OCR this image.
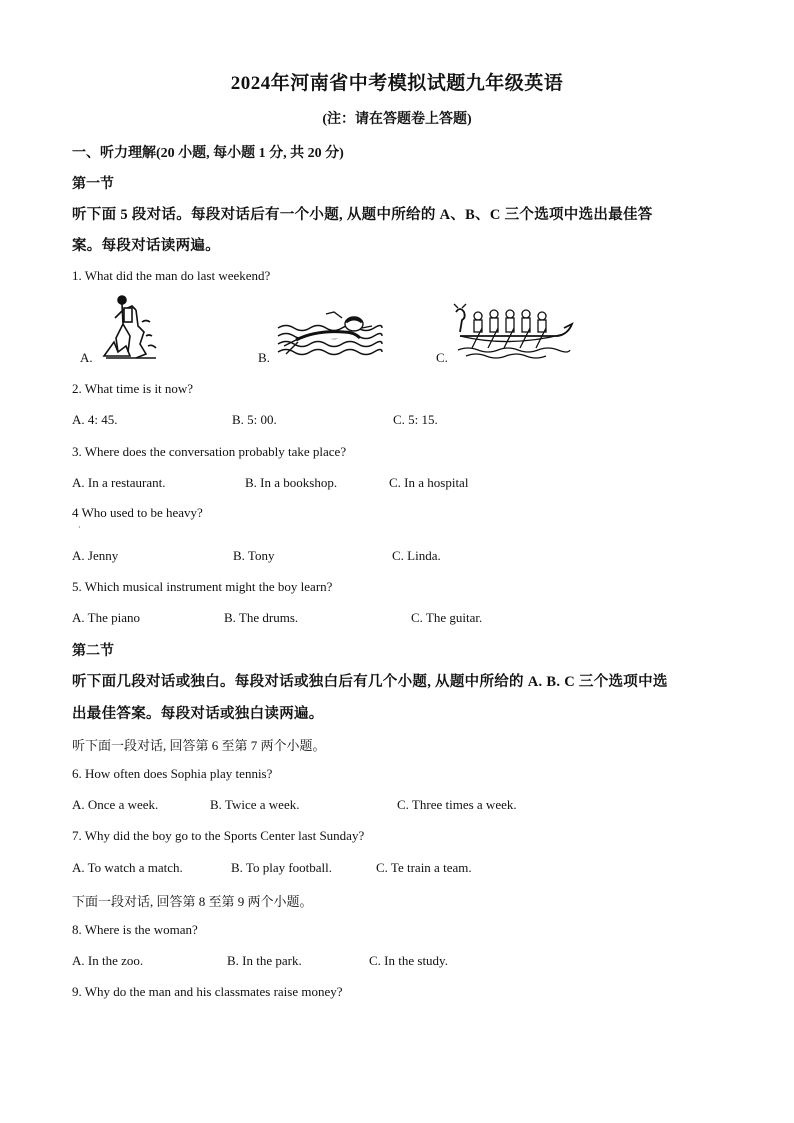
2024年河南省中考模拟试题九年级英语
(注：请在答题卷上答题)
一、听力理解(20 小题, 每小题 1 分, 共 20 分)
第一节
听下面 5 段对话。每段对话后有一个小题, 从题中所给的 A、B、C 三个选项中选出最佳答
案。每段对话读两遍。
1. What did the man do last weekend?
A.	B.	C.
2. What time is it now?
A. 4: 45.	B. 5: 00.	C. 5: 15.
3. Where does the conversation probably take place?
A. In a restaurant.	B. In a bookshop.	C. In a hospital
4 Who used to be heavy?
·
A. Jenny	B. Tony	C. Linda.
5. Which musical instrument might the boy learn?
A. The piano	B. The drums.	C. The guitar.
第二节
听下面几段对话或独白。每段对话或独白后有几个小题, 从题中所给的 A. B. C 三个选项中选
出最佳答案。每段对话或独白读两遍。
听下面一段对话, 回答第 6 至第 7 两个小题。
6. How often does Sophia play tennis?
A. Once a week.	B. Twice a week.	C. Three times a week.
7. Why did the boy go to the Sports Center last Sunday?
A. To watch a match.	B. To play football.	C. Te train a team.
下面一段对话, 回答第 8 至第 9 两个小题。
8. Where is the woman?
A. In the zoo.	B. In the park.	C. In the study.
9. Why do the man and his classmates raise money?
